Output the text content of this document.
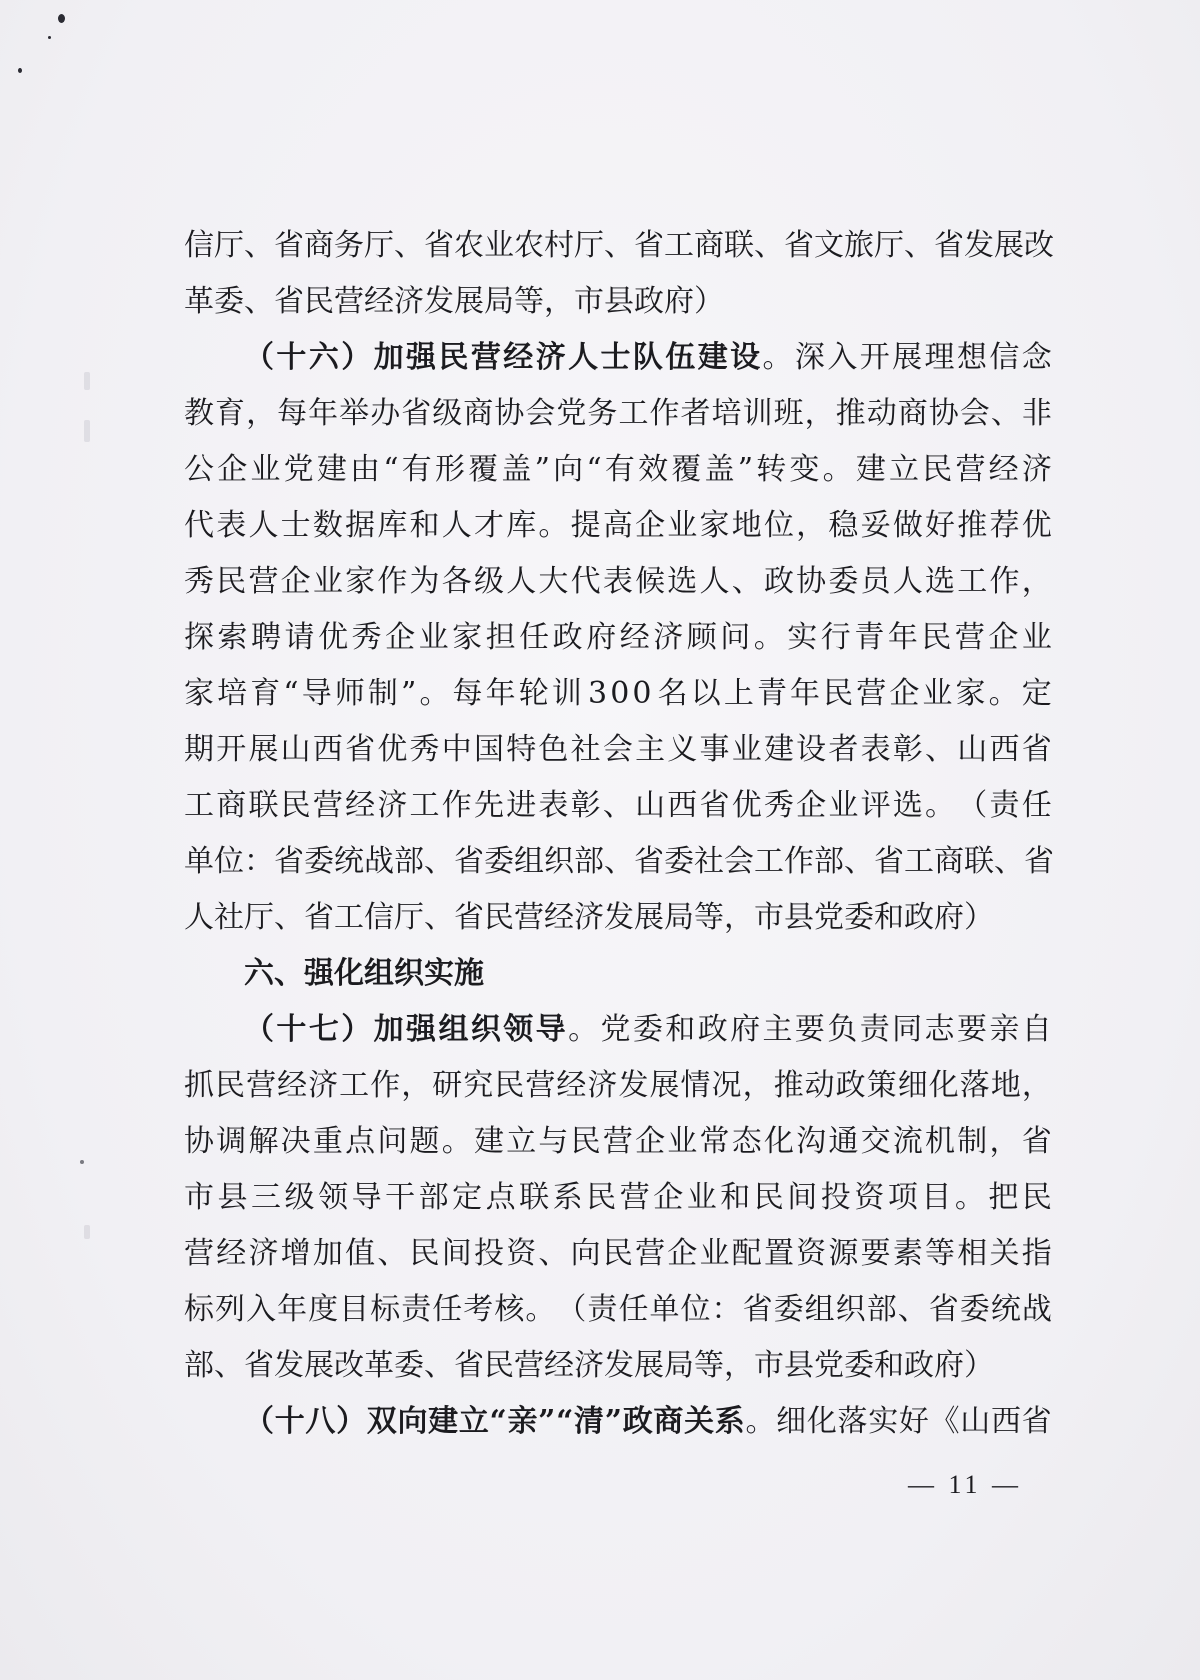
信 厅 、 省 商 务 厅 、 省 农 业 农 村 厅 、 省 工 商 联 、 省 文 旅 厅 、 省 发 展 改
革委、省民营经济发展局等，市县政府）
（ 十 六 ） 加 强 民 营 经 济 人 士 队 伍 建 设 。 深 入 开 展 理 想 信 念
教 育 ， 每 年 举 办 省 级 商 协 会 党 务 工 作 者 培 训 班 ， 推 动 商 协 会 、 非
公 企 业 党 建 由 “ 有 形 覆 盖 ” 向 “ 有 效 覆 盖 ” 转 变 。 建 立 民 营 经 济
代 表 人 士 数 据 库 和 人 才 库 。 提 高 企 业 家 地 位 ， 稳 妥 做 好 推 荐 优
秀 民 营 企 业 家 作 为 各 级 人 大 代 表 候 选 人 、 政 协 委 员 人 选 工 作 ，
探 索 聘 请 优 秀 企 业 家 担 任 政 府 经 济 顾 问 。 实 行 青 年 民 营 企 业
家 培 育 “ 导 师 制 ” 。 每 年 轮 训 3 0 0 名 以 上 青 年 民 营 企 业 家 。 定
期 开 展 山 西 省 优 秀 中 国 特 色 社 会 主 义 事 业 建 设 者 表 彰 、 山 西 省
工 商 联 民 营 经 济 工 作 先 进 表 彰 、 山 西 省 优 秀 企 业 评 选 。 （ 责 任
单 位 ： 省 委 统 战 部 、 省 委 组 织 部 、 省 委 社 会 工 作 部 、 省 工 商 联 、 省
人社厅、省工信厅、省民营经济发展局等，市县党委和政府）
六、强化组织实施
（ 十 七 ） 加 强 组 织 领 导 。 党 委 和 政 府 主 要 负 责 同 志 要 亲 自
抓 民 营 经 济 工 作 ， 研 究 民 营 经 济 发 展 情 况 ， 推 动 政 策 细 化 落 地 ，
协 调 解 决 重 点 问 题 。 建 立 与 民 营 企 业 常 态 化 沟 通 交 流 机 制 ， 省
市 县 三 级 领 导 干 部 定 点 联 系 民 营 企 业 和 民 间 投 资 项 目 。 把 民
营 经 济 增 加 值 、 民 间 投 资 、 向 民 营 企 业 配 置 资 源 要 素 等 相 关 指
标 列 入 年 度 目 标 责 任 考 核 。 （ 责 任 单 位 ： 省 委 组 织 部 、 省 委 统 战
部、省发展改革委、省民营经济发展局等，市县党委和政府）
（ 十 八 ） 双 向 建 立 “ 亲 ” “ 清 ” 政 商 关 系 。 细 化 落 实 好 《 山 西 省
— 11 —
